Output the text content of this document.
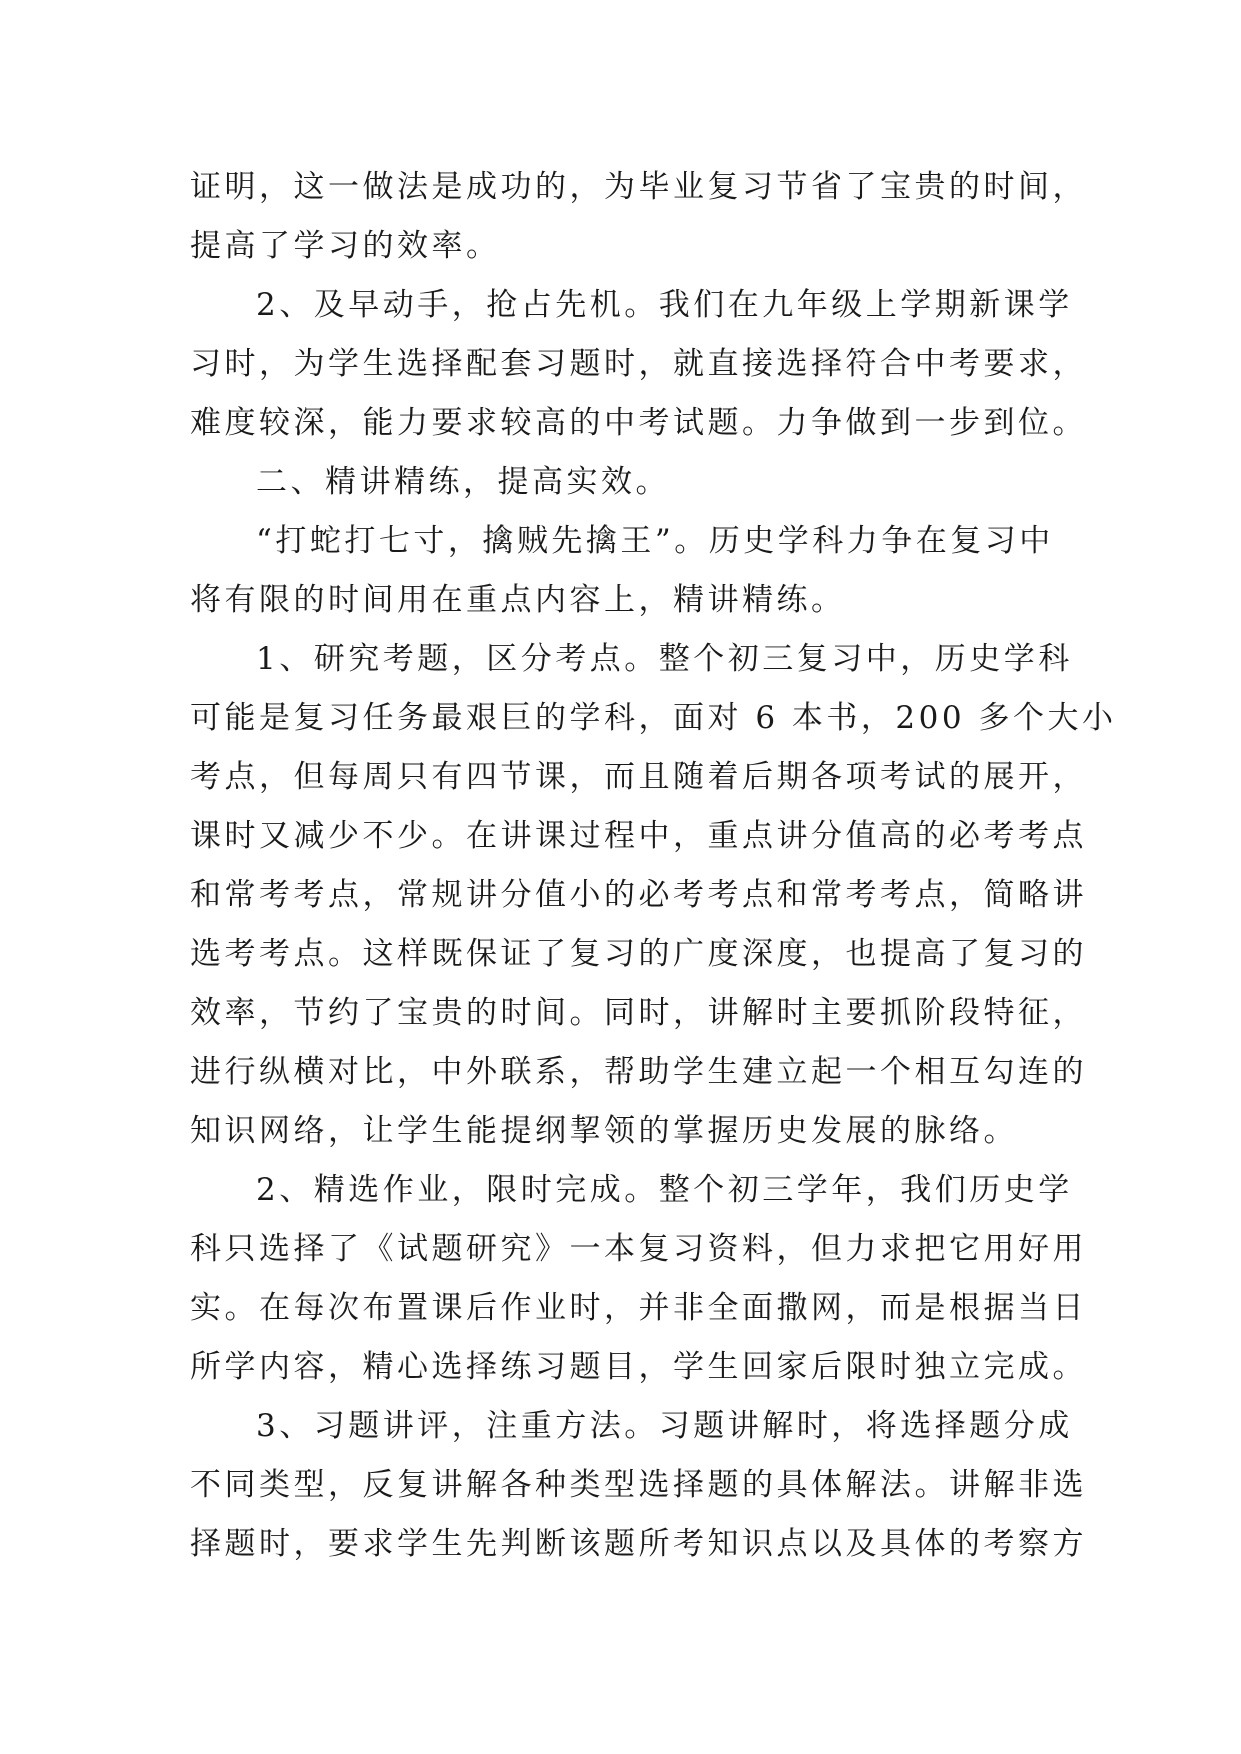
证明，这一做法是成功的，为毕业复习节省了宝贵的时间，
提高了学习的效率。
2、及早动手，抢占先机。我们在九年级上学期新课学
习时，为学生选择配套习题时，就直接选择符合中考要求，
难度较深，能力要求较高的中考试题。力争做到一步到位。
二、精讲精练，提高实效。
“打蛇打七寸，擒贼先擒王”。历史学科力争在复习中
将有限的时间用在重点内容上，精讲精练。
1、研究考题，区分考点。整个初三复习中，历史学科
可能是复习任务最艰巨的学科，面对 6 本书，200 多个大小
考点，但每周只有四节课，而且随着后期各项考试的展开，
课时又减少不少。在讲课过程中，重点讲分值高的必考考点
和常考考点，常规讲分值小的必考考点和常考考点，简略讲
选考考点。这样既保证了复习的广度深度，也提高了复习的
效率，节约了宝贵的时间。同时，讲解时主要抓阶段特征，
进行纵横对比，中外联系，帮助学生建立起一个相互勾连的
知识网络，让学生能提纲挈领的掌握历史发展的脉络。
2、精选作业，限时完成。整个初三学年，我们历史学
科只选择了《试题研究》一本复习资料，但力求把它用好用
实。在每次布置课后作业时，并非全面撒网，而是根据当日
所学内容，精心选择练习题目，学生回家后限时独立完成。
3、习题讲评，注重方法。习题讲解时，将选择题分成
不同类型，反复讲解各种类型选择题的具体解法。讲解非选
择题时，要求学生先判断该题所考知识点以及具体的考察方
